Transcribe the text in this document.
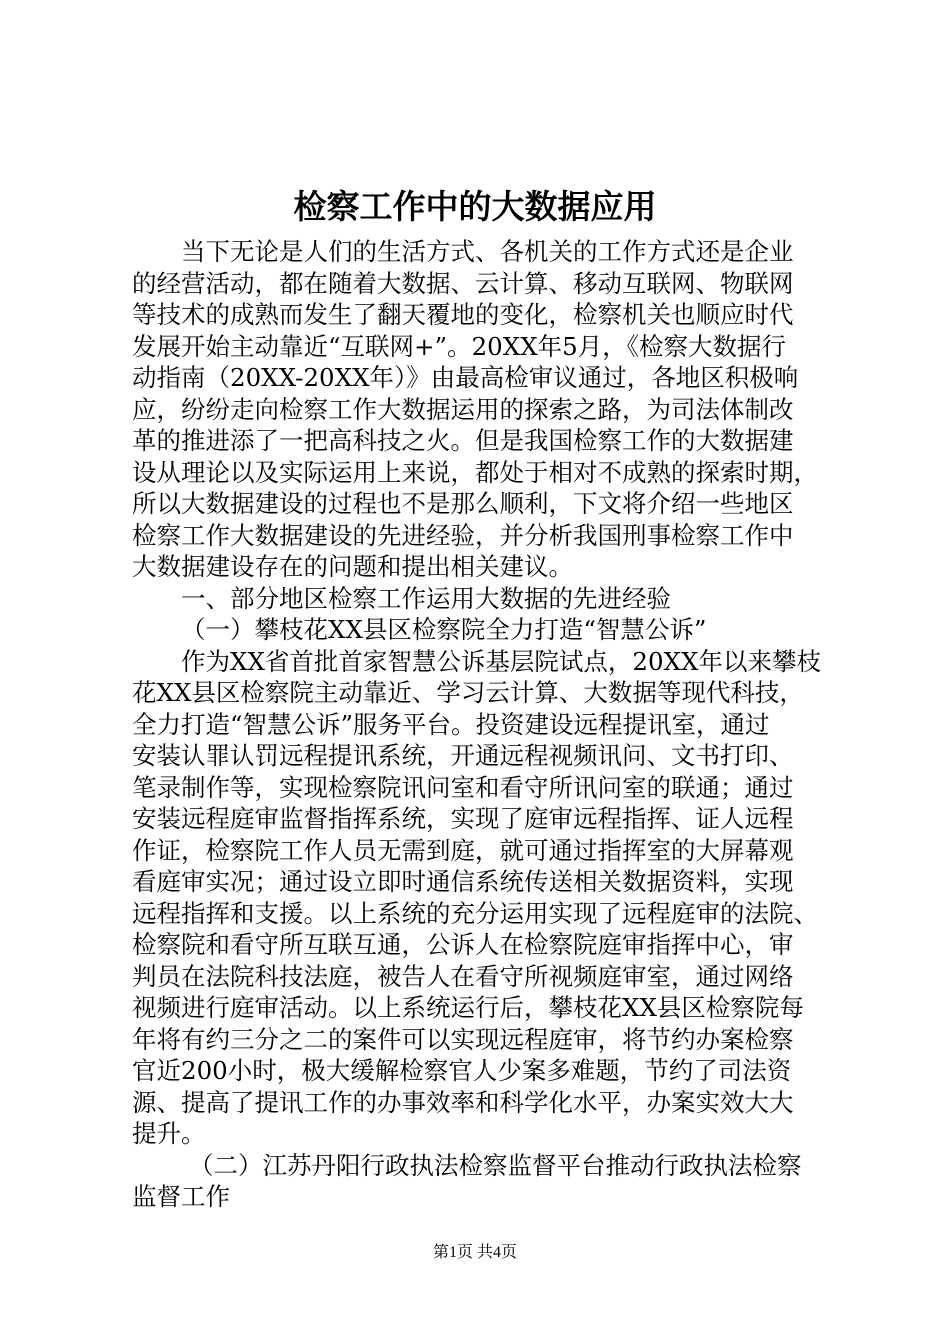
检察工作中的大数据应用

当下无论是人们的生活方式、各机关的工作方式还是企业

的经营活动，都在随着大数据、云计算、移动互联网、物联网

等技术的成熟而发生了翻天覆地的变化，检察机关也顺应时代

发展开始主动靠近“互联网+”。20XX年5月，《检察大数据行

动指南（20XX-20XX年）》由最高检审议通过，各地区积极响

应，纷纷走向检察工作大数据运用的探索之路，为司法体制改

革的推进添了一把高科技之火。但是我国检察工作的大数据建

设从理论以及实际运用上来说，都处于相对不成熟的探索时期，

所以大数据建设的过程也不是那么顺利，下文将介绍一些地区

检察工作大数据建设的先进经验，并分析我国刑事检察工作中

大数据建设存在的问题和提出相关建议。

一、部分地区检察工作运用大数据的先进经验

（一）攀枝花XX县区检察院全力打造“智慧公诉”

作为XX省首批首家智慧公诉基层院试点，20XX年以来攀枝

花XX县区检察院主动靠近、学习云计算、大数据等现代科技，

全力打造“智慧公诉”服务平台。投资建设远程提讯室，通过

安装认罪认罚远程提讯系统，开通远程视频讯问、文书打印、

笔录制作等，实现检察院讯问室和看守所讯问室的联通；通过

安装远程庭审监督指挥系统，实现了庭审远程指挥、证人远程

作证，检察院工作人员无需到庭，就可通过指挥室的大屏幕观

看庭审实况；通过设立即时通信系统传送相关数据资料，实现

远程指挥和支援。以上系统的充分运用实现了远程庭审的法院、

检察院和看守所互联互通，公诉人在检察院庭审指挥中心，审

判员在法院科技法庭，被告人在看守所视频庭审室，通过网络

视频进行庭审活动。以上系统运行后，攀枝花XX县区检察院每

年将有约三分之二的案件可以实现远程庭审，将节约办案检察

官近200小时，极大缓解检察官人少案多难题，节约了司法资

源、提高了提讯工作的办事效率和科学化水平，办案实效大大

提升。

（二）江苏丹阳行政执法检察监督平台推动行政执法检察

监督工作

第1页 共4页
